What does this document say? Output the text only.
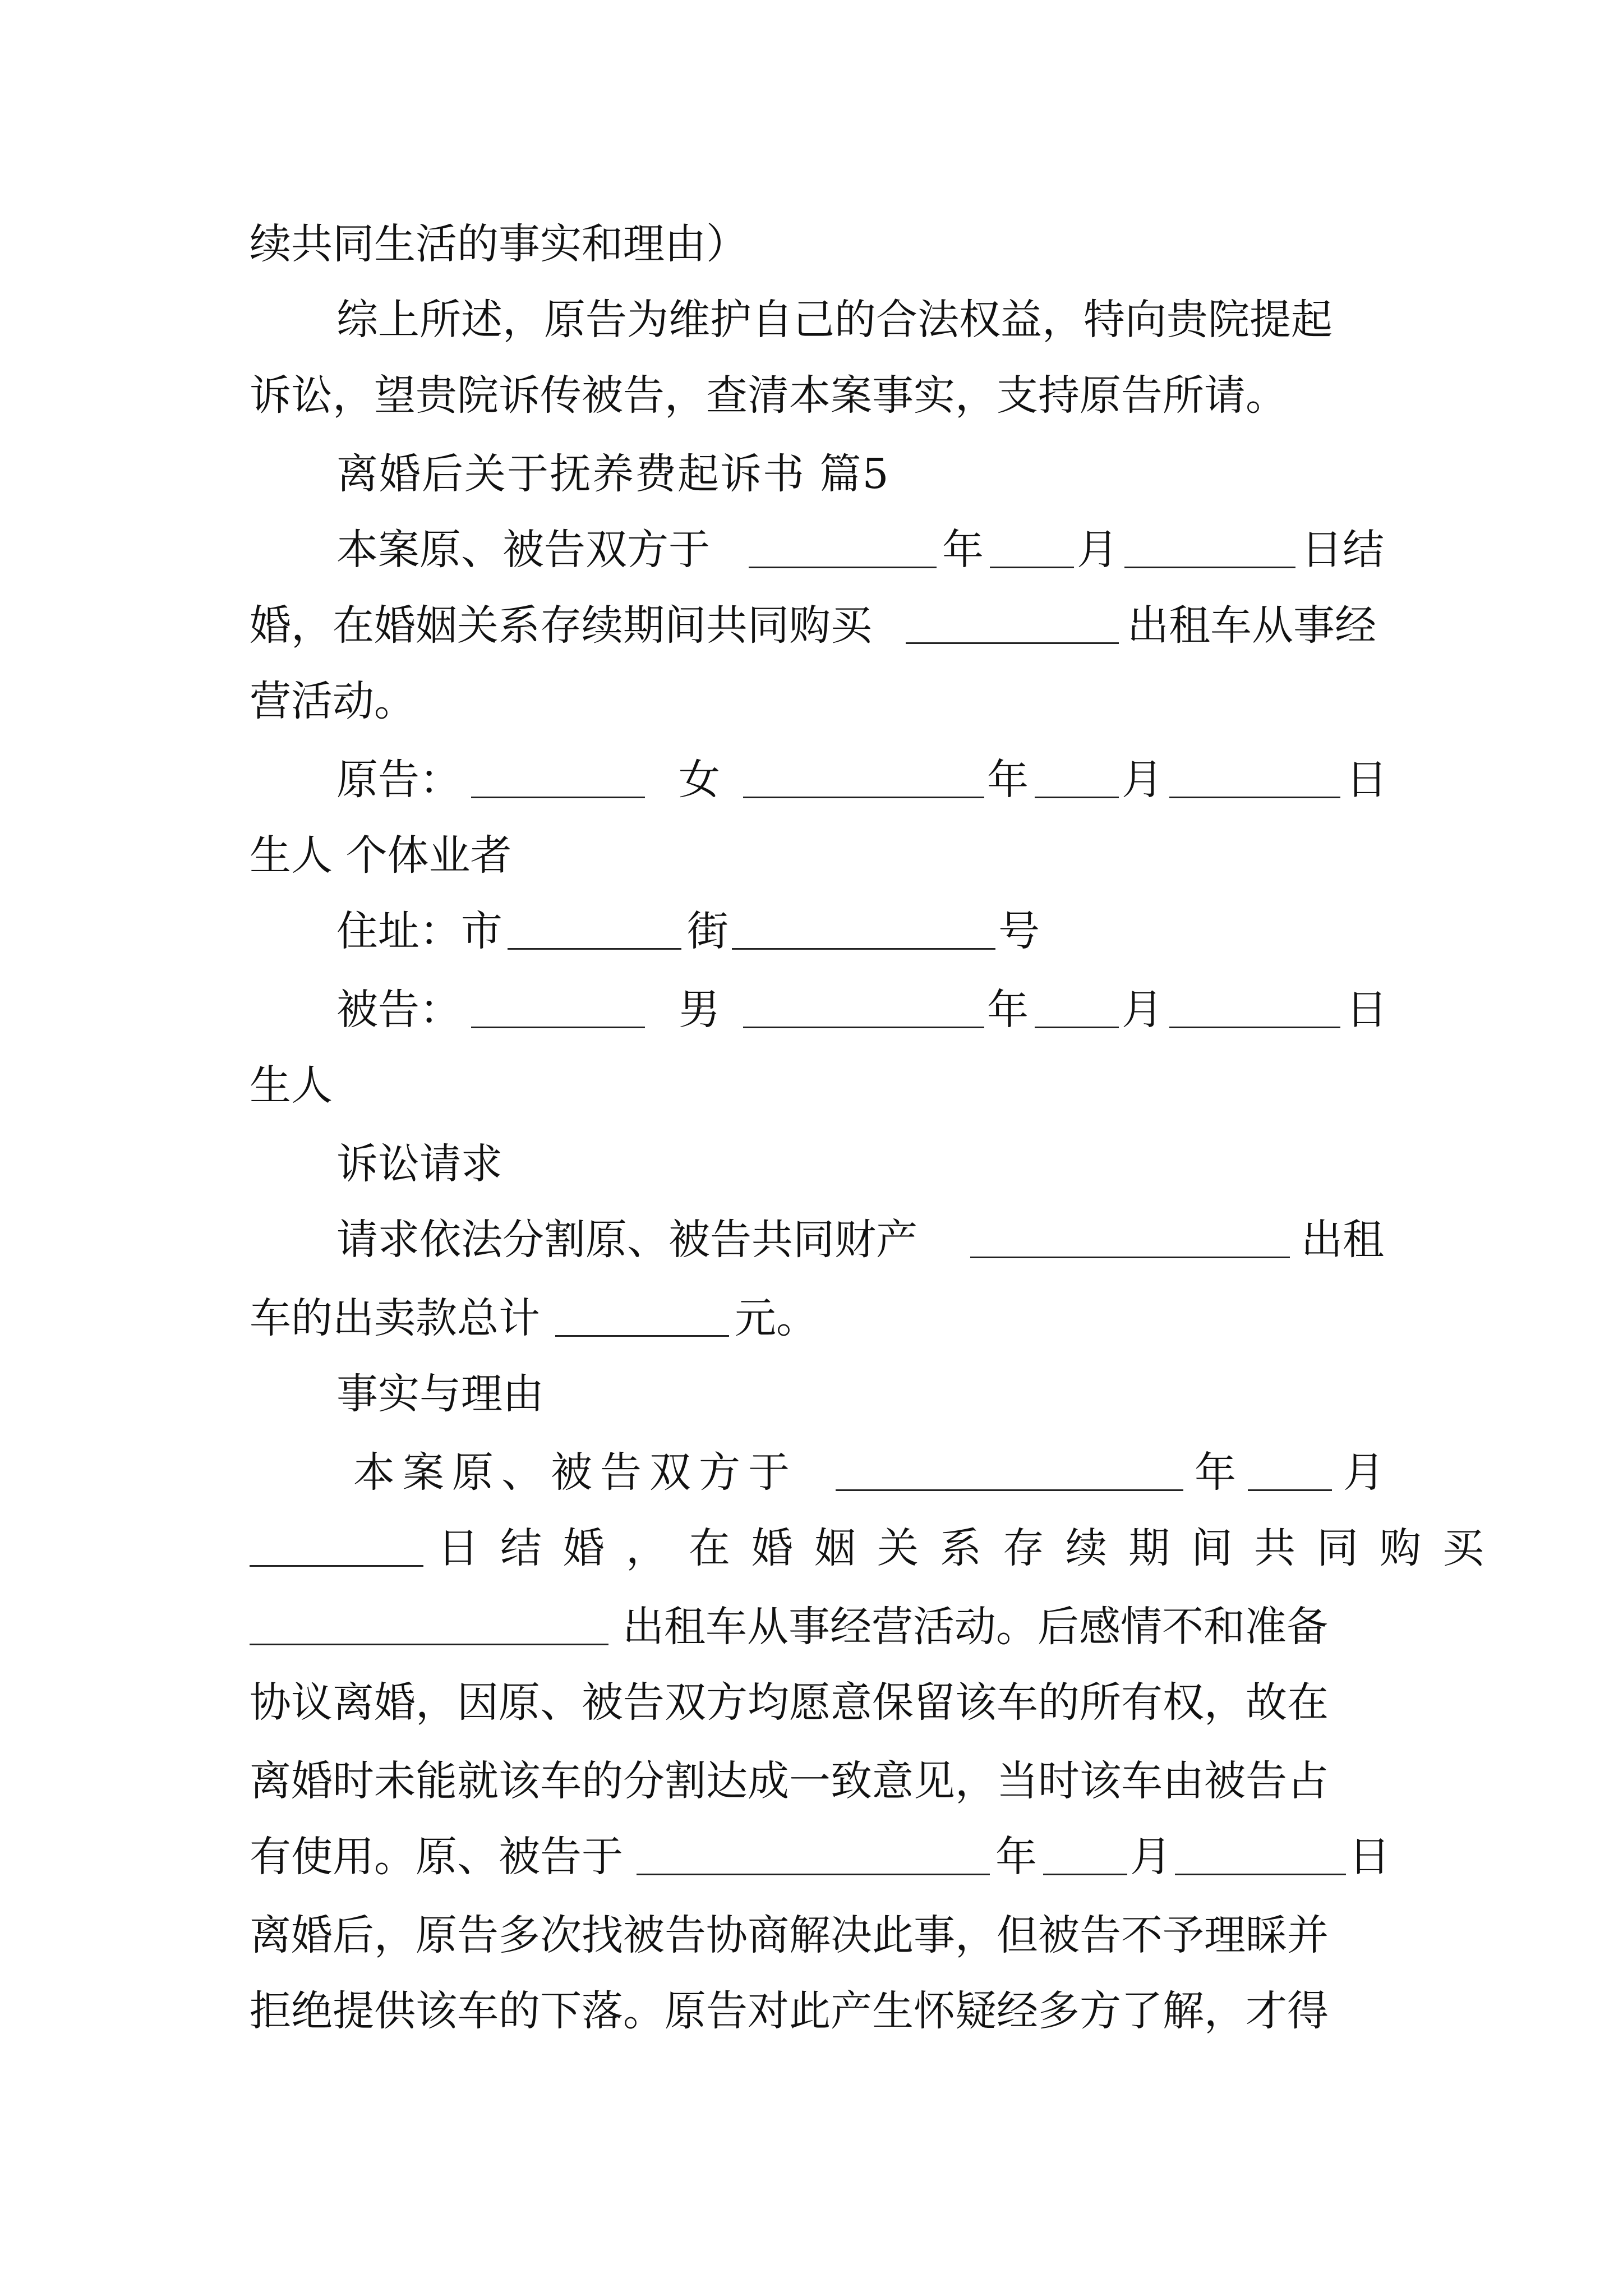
续共同生活的事实和理由）
综上所述，原告为维护自己的合法权益，特向贵院提起
诉讼，望贵院诉传被告，查清本案事实，支持原告所请。
离婚后关于抚养费起诉书 篇5
本案原、被告双方于	年 月	日结
婚，在婚姻关系存续期间共同购买	出租车从事经
营活动。
原告：	女	年 月	日
生人 个体业者
住址：市	街	号
被告：	男	年 月	日
生人
诉讼请求
请求依法分割原、被告共同财产	出租
车的出卖款总计	元。
事实与理由
本案原、被告双方于	年	月
日结婚，在婚姻关系存续期间共同购买
出租车从事经营活动。后感情不和准备
协议离婚，因原、被告双方均愿意保留该车的所有权，故在
离婚时未能就该车的分割达成一致意见，当时该车由被告占
有使用。原、被告于	年 月	日
离婚后，原告多次找被告协商解决此事，但被告不予理睬并
拒绝提供该车的下落。原告对此产生怀疑经多方了解，才得
